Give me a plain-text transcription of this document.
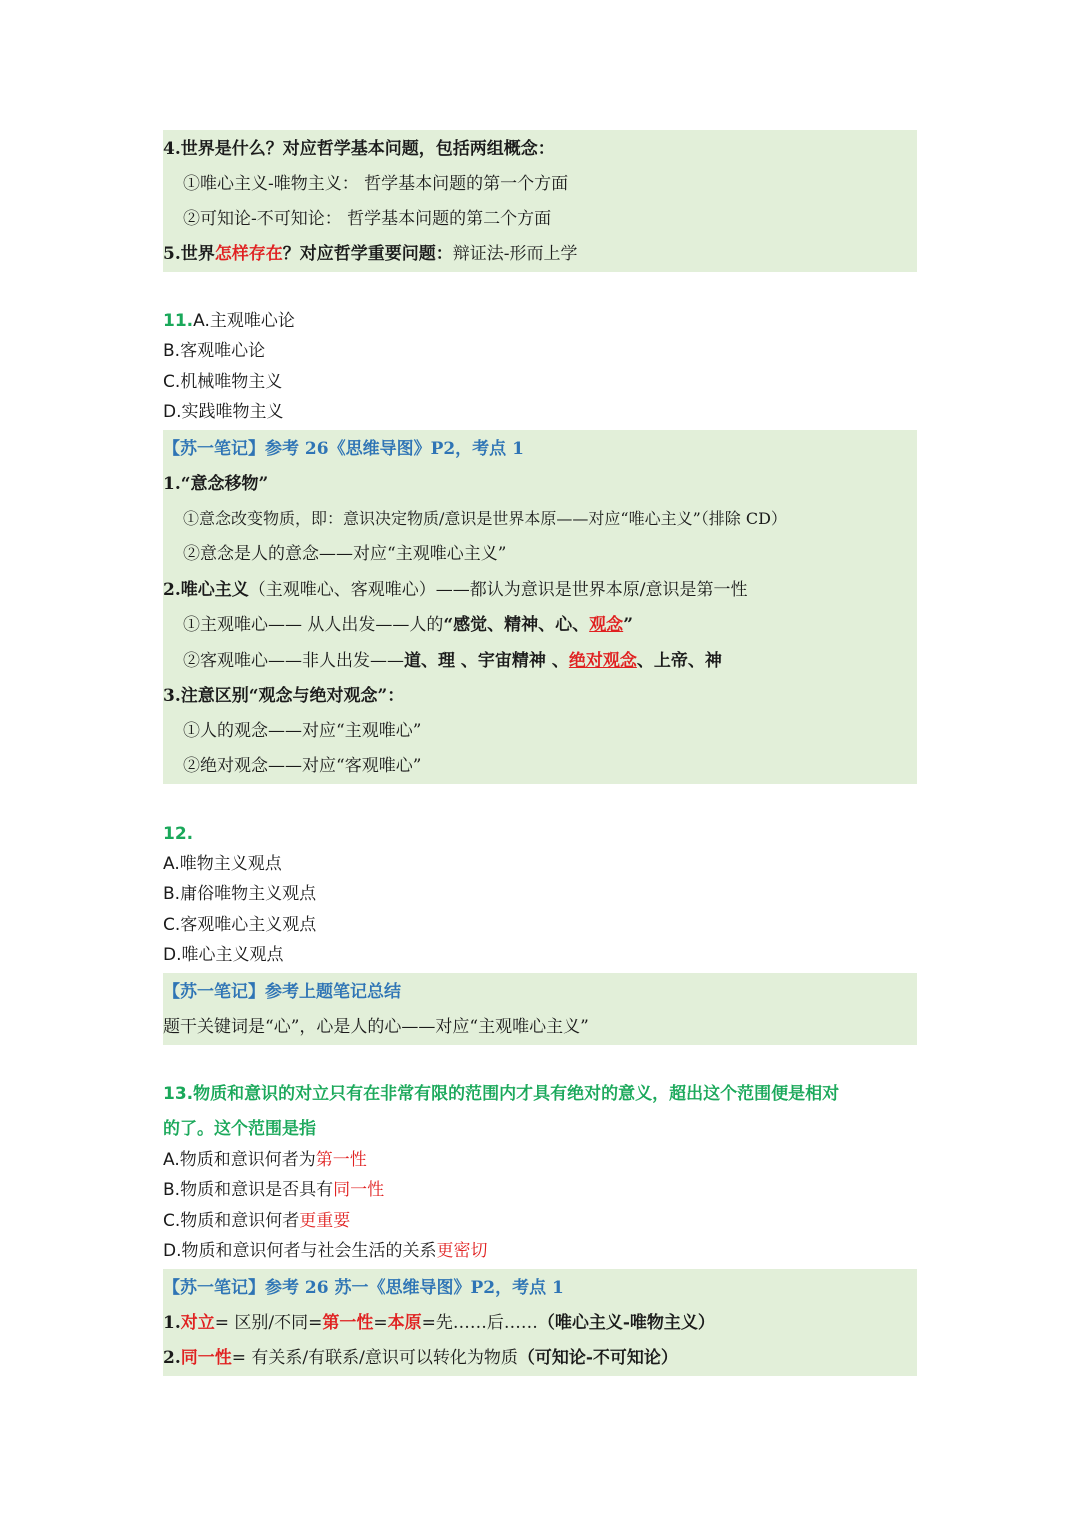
4.世界是什么？对应哲学基本问题，包括两组概念：
①唯心主义-唯物主义： 哲学基本问题的第一个方面
②可知论-不可知论： 哲学基本问题的第二个方面
5.世界怎样存在？对应哲学重要问题：辩证法-形而上学
11.A.主观唯心论
B.客观唯心论
C.机械唯物主义
D.实践唯物主义
【苏一笔记】参考 26《思维导图》P2，考点 1
1.“意念移物”
①意念改变物质，即：意识决定物质/意识是世界本原——对应“唯心主义”（排除 CD）
②意念是人的意念——对应“主观唯心主义”
2.唯心主义（主观唯心、客观唯心）——都认为意识是世界本原/意识是第一性
①主观唯心—— 从人出发——人的“感觉、精神、心、观念”
②客观唯心——非人出发——道、理 、宇宙精神 、绝对观念、上帝、神
3.注意区别“观念与绝对观念”：
①人的观念——对应“主观唯心”
②绝对观念——对应“客观唯心”
12.
A.唯物主义观点
B.庸俗唯物主义观点
C.客观唯心主义观点
D.唯心主义观点
【苏一笔记】参考上题笔记总结
题干关键词是“心”，心是人的心——对应“主观唯心主义”
13.物质和意识的对立只有在非常有限的范围内才具有绝对的意义，超出这个范围便是相对
的了。这个范围是指
A.物质和意识何者为第一性
B.物质和意识是否具有同一性
C.物质和意识何者更重要
D.物质和意识何者与社会生活的关系更密切
【苏一笔记】参考 26 苏一《思维导图》P2，考点 1
1.对立= 区别/不同=第一性=本原=先……后……（唯心主义-唯物主义）
2.同一性= 有关系/有联系/意识可以转化为物质（可知论-不可知论）
